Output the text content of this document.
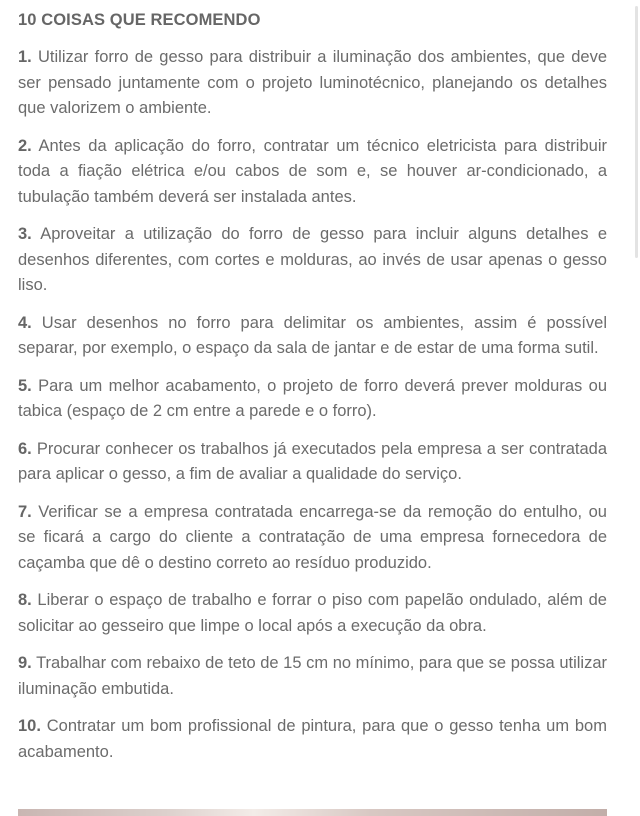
10 COISAS QUE RECOMENDO
1. Utilizar forro de gesso para distribuir a iluminação dos ambientes, que deve ser pensado juntamente com o projeto luminotécnico, planejando os detalhes que valorizem o ambiente.
2. Antes da aplicação do forro, contratar um técnico eletricista para distribuir toda a fiação elétrica e/ou cabos de som e, se houver ar-condicionado, a tubulação também deverá ser instalada antes.
3. Aproveitar a utilização do forro de gesso para incluir alguns detalhes e desenhos diferentes, com cortes e molduras, ao invés de usar apenas o gesso liso.
4. Usar desenhos no forro para delimitar os ambientes, assim é possível separar, por exemplo, o espaço da sala de jantar e de estar de uma forma sutil.
5. Para um melhor acabamento, o projeto de forro deverá prever molduras ou tabica (espaço de 2 cm entre a parede e o forro).
6. Procurar conhecer os trabalhos já executados pela empresa a ser contratada para aplicar o gesso, a fim de avaliar a qualidade do serviço.
7. Verificar se a empresa contratada encarrega-se da remoção do entulho, ou se ficará a cargo do cliente a contratação de uma empresa fornecedora de caçamba que dê o destino correto ao resíduo produzido.
8. Liberar o espaço de trabalho e forrar o piso com papelão ondulado, além de solicitar ao gesseiro que limpe o local após a execução da obra.
9. Trabalhar com rebaixo de teto de 15 cm no mínimo, para que se possa utilizar iluminação embutida.
10. Contratar um bom profissional de pintura, para que o gesso tenha um bom acabamento.
